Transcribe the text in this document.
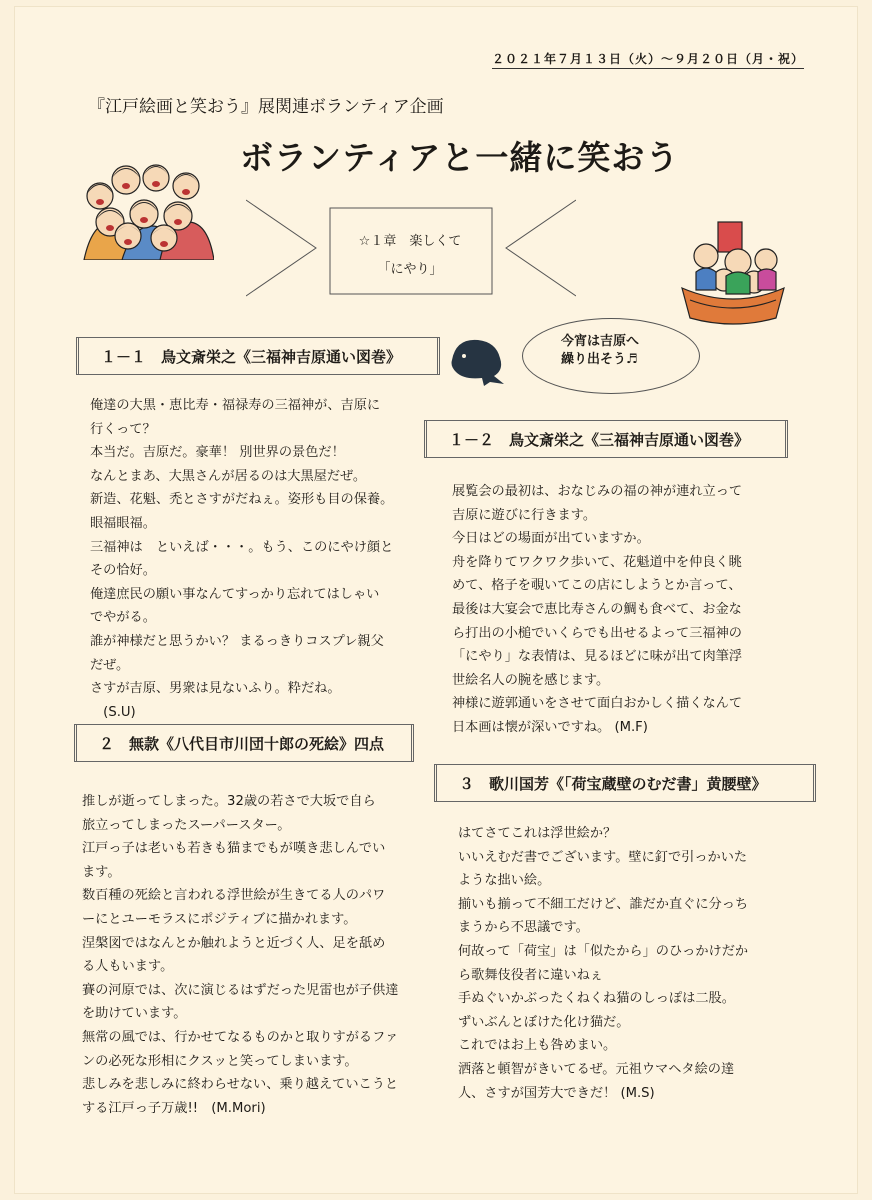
２０２１年７月１３日（火）～９月２０日（月・祝）
『江戸絵画と笑おう』展関連ボランティア企画
ボランティアと一緒に笑おう
☆１章　楽しくて
「にやり」
今宵は吉原へ
繰り出そう♬
１－１　鳥文斎栄之《三福神吉原通い図巻》

俺達の大黒・恵比寿・福禄寿の三福神が、吉原に

行くって？

本当だ。吉原だ。豪華！ 別世界の景色だ！

なんとまあ、大黒さんが居るのは大黒屋だぜ。

新造、花魁、禿とさすがだねぇ。姿形も目の保養。

眼福眼福。

三福神は　といえば・・・。もう、このにやけ顔と

その恰好。

俺達庶民の願い事なんてすっかり忘れてはしゃい

でやがる。

誰が神様だと思うかい？ まるっきりコスプレ親父

だぜ。

さすが吉原、男衆は見ないふり。粋だね。

　(S.U)

１－２　鳥文斎栄之《三福神吉原通い図巻》

展覧会の最初は、おなじみの福の神が連れ立って

吉原に遊びに行きます。

今日はどの場面が出ていますか。

舟を降りてワクワク歩いて、花魁道中を仲良く眺

めて、格子を覗いてこの店にしようとか言って、

最後は大宴会で恵比寿さんの鯛も食べて、お金な

ら打出の小槌でいくらでも出せるよって三福神の

「にやり」な表情は、見るほどに味が出て肉筆浮

世絵名人の腕を感じます。

神様に遊郭通いをさせて面白おかしく描くなんて

日本画は懐が深いですね。 (M.F)

２　無款《八代目市川団十郎の死絵》四点

推しが逝ってしまった。32歳の若さで大坂で自ら

旅立ってしまったスーパースター。

江戸っ子は老いも若きも猫までもが嘆き悲しんでい

ます。

数百種の死絵と言われる浮世絵が生きてる人のパワ

ーにとユーモラスにポジティブに描かれます。

涅槃図ではなんとか触れようと近づく人、足を舐め

る人もいます。

賽の河原では、次に演じるはずだった児雷也が子供達

を助けています。

無常の風では、行かせてなるものかと取りすがるファ

ンの必死な形相にクスッと笑ってしまいます。

悲しみを悲しみに終わらせない、乗り越えていこうと

する江戸っ子万歳!!　(M.Mori)

３　歌川国芳《「荷宝蔵壁のむだ書」黄腰壁》

はてさてこれは浮世絵か？

いいえむだ書でございます。壁に釘で引っかいた

ような拙い絵。

揃いも揃って不細工だけど、誰だか直ぐに分っち

まうから不思議です。

何故って「荷宝」は「似たから」のひっかけだか

ら歌舞伎役者に違いねぇ

手ぬぐいかぶったくねくね猫のしっぽは二股。

ずいぶんとぼけた化け猫だ。

これではお上も咎めまい。

洒落と頓智がきいてるぜ。元祖ウマヘタ絵の達

人、さすが国芳大できだ！ (M.S)
